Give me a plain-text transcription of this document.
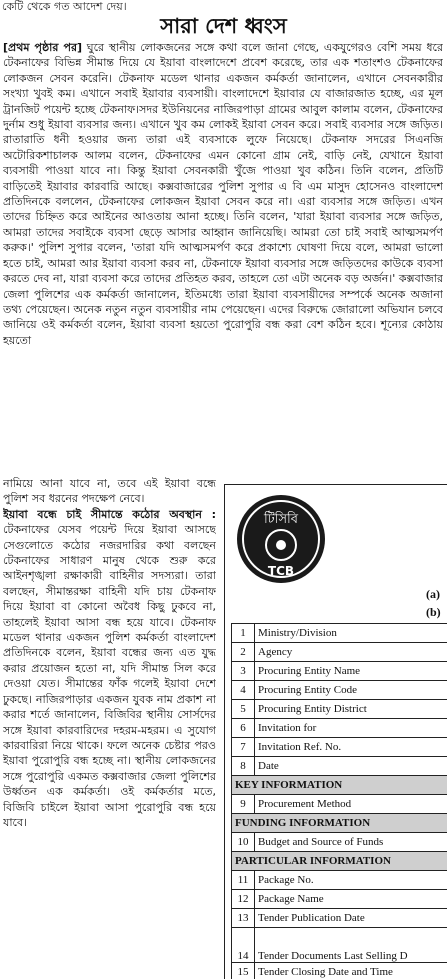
কেটি থেকে গত আদেশ দেয়।
সারা দেশ ধ্বংস

[প্রথম পৃষ্ঠার পর] ঘুরে স্থানীয় লোকজনের সঙ্গে কথা বলে জানা গেছে, একযুগেরও বেশি সময় ধরে টেকনাফের বিভিন্ন সীমান্ত দিয়ে যে ইয়াবা বাংলাদেশে প্রবেশ করেছে, তার এক শতাংশও টেকনাফের লোকজন সেবন করেনি। টেকনাফ মডেল থানার একজন কর্মকর্তা জানালেন, এখানে সেবনকারীর সংখ্যা খুবই কম। এখানে সবাই ইয়াবার ব্যবসায়ী। বাংলাদেশে ইয়াবার যে বাজারজাত হচ্ছে, এর মূল ট্রানজিট পয়েন্ট হচ্ছে টেকনাফ।সদর ইউনিয়নের নাজিরপাড়া গ্রামের আবুল কালাম বলেন, টেকনাফের দুর্নাম শুধু ইয়াবা ব্যবসার জন্য। এখানে খুব কম লোকই ইয়াবা সেবন করে। সবাই ব্যবসার সঙ্গে জড়িত। রাতারাতি ধনী হওয়ার জন্য তারা এই ব্যবসাকে লুফে নিয়েছে। টেকনাফ সদরের সিএনজি অটোরিকশাচালক আলম বলেন, টেকনাফের এমন কোনো গ্রাম নেই, বাড়ি নেই, যেখানে ইয়াবা ব্যবসায়ী পাওয়া যাবে না। কিন্তু ইয়াবা সেবনকারী খুঁজে পাওয়া খুব কঠিন। তিনি বলেন, প্রতিটি বাড়িতেই ইয়াবার কারবারি আছে। কক্সবাজারের পুলিশ সুপার এ বি এম মাসুদ হোসেনও বাংলাদেশ প্রতিদিনকে বললেন, টেকনাফের লোকজন ইয়াবা সেবন করে না। এরা ব্যবসার সঙ্গে জড়িত। এখন তাদের চিহ্নিত করে আইনের আওতায় আনা হচ্ছে। তিনি বলেন, 'যারা ইয়াবা ব্যবসার সঙ্গে জড়িত, আমরা তাদের সবাইকে ব্যবসা ছেড়ে আসার আহ্বান জানিয়েছি। আমরা তো চাই সবাই আত্মসমর্পণ করুক।' পুলিশ সুপার বলেন, 'তারা যদি আত্মসমর্পণ করে প্রকাশ্যে ঘোষণা দিয়ে বলে, আমরা ভালো হতে চাই, আমরা আর ইয়াবা ব্যবসা করব না, টেকনাফে ইয়াবা ব্যবসার সঙ্গে জড়িতদের কাউকে ব্যবসা করতে দেব না, যারা ব্যবসা করে তাদের প্রতিহত করব, তাহলে তো এটা অনেক বড় অর্জন।' কক্সবাজার জেলা পুলিশের এক কর্মকর্তা জানালেন, ইতিমধ্যে তারা ইয়াবা ব্যবসায়ীদের সম্পর্কে অনেক অজানা তথ্য পেয়েছেন। অনেক নতুন নতুন ব্যবসায়ীর নাম পেয়েছেন। এদের বিরুদ্ধে জোরালো অভিযান চলবে জানিয়ে ওই কর্মকর্তা বলেন, ইয়াবা ব্যবসা হয়তো পুরোপুরি বন্ধ করা বেশ কঠিন হবে। শূন্যের কোঠায় হয়তো

নামিয়ে আনা যাবে না, তবে এই ইয়াবা বন্ধে পুলিশ সব ধরনের পদক্ষেপ নেবে।

ইয়াবা বন্ধে চাই সীমান্তে কঠোর অবস্থান : টেকনাফের যেসব পয়েন্ট দিয়ে ইয়াবা আসছে সেগুলোতে কঠোর নজরদারির কথা বলছেন টেকনাফের সাধারণ মানুষ থেকে শুরু করে আইনশৃঙ্খলা রক্ষাকারী বাহিনীর সদস্যরা। তারা বলছেন, সীমান্তরক্ষা বাহিনী যদি চায় টেকনাফ দিয়ে ইয়াবা বা কোনো অবৈধ কিছু ঢুকবে না, তাহলেই ইয়াবা আসা বন্ধ হয়ে যাবে। টেকনাফ মডেল থানার একজন পুলিশ কর্মকর্তা বাংলাদেশ প্রতিদিনকে বলেন, ইয়াবা বন্ধের জন্য এত যুদ্ধ করার প্রয়োজন হতো না, যদি সীমান্ত সিল করে দেওয়া যেত। সীমান্তের ফাঁক গলেই ইয়াবা দেশে ঢুকছে। নাজিরপাড়ার একজন যুবক নাম প্রকাশ না করার শর্তে জানালেন, বিজিবির স্থানীয় সোর্সদের সঙ্গে ইয়াবা কারবারিদের দহরম-মহরম। এ সুযোগ কারবারিরা নিয়ে থাকে। ফলে অনেক চেষ্টার পরও ইয়াবা পুরোপুরি বন্ধ হচ্ছে না। স্থানীয় লোকজনের সঙ্গে পুরোপুরি একমত কক্সবাজার জেলা পুলিশের উর্ধ্বতন এক কর্মকর্তা। ওই কর্মকর্তার মতে, বিজিবি চাইলে ইয়াবা আসা পুরোপুরি বন্ধ হয়ে যাবে।

টিসিবি
TCB
(a)
(b)
1	Ministry/Division
2	Agency
3	Procuring Entity Name
4	Procuring Entity Code
5	Procuring Entity District
6	Invitation for
7	Invitation Ref. No.
8	Date
KEY INFORMATION	
9	Procurement Method
FUNDING INFORMATION	
10	Budget and Source of Funds
PARTICULAR INFORMATION	
11	Package No.
12	Package Name
13	Tender Publication Date
14	Tender Documents Last Selling D
15	Tender Closing Date and Time
